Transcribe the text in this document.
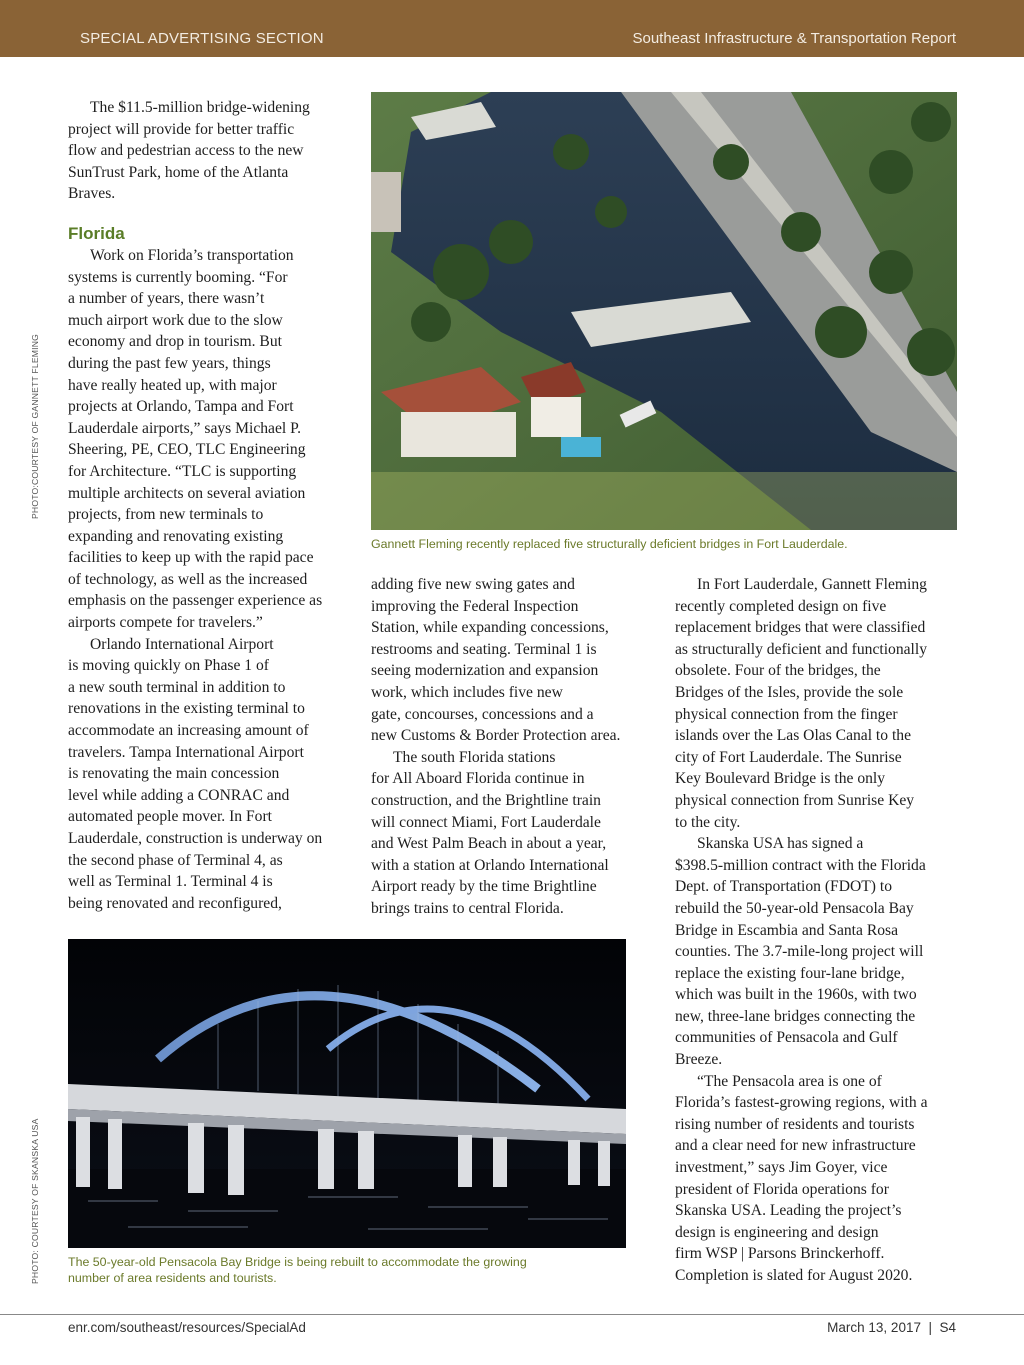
SPECIAL ADVERTISING SECTION	Southeast Infrastructure & Transportation Report

The $11.5-million bridge-widening
project will provide for better traffic
flow and pedestrian access to the new
SunTrust Park, home of the Atlanta
Braves.

Florida

Work on Florida’s transportation
systems is currently booming. “For
a number of years, there wasn’t
much airport work due to the slow
economy and drop in tourism. But
during the past few years, things
have really heated up, with major
projects at Orlando, Tampa and Fort
Lauderdale airports,” says Michael P.
Sheering, PE, CEO, TLC Engineering
for Architecture. “TLC is supporting
multiple architects on several aviation
projects, from new terminals to
expanding and renovating existing
facilities to keep up with the rapid pace
of technology, as well as the increased
emphasis on the passenger experience as
airports compete for travelers.”

Orlando International Airport
is moving quickly on Phase 1 of
a new south terminal in addition to
renovations in the existing terminal to
accommodate an increasing amount of
travelers. Tampa International Airport
is renovating the main concession
level while adding a CONRAC and
automated people mover. In Fort
Lauderdale, construction is underway on
the second phase of Terminal 4, as
well as Terminal 1. Terminal 4 is
being renovated and reconfigured,

Gannett Fleming recently replaced five structurally deficient bridges in Fort Lauderdale.
PHOTO:COURTESY OF GANNETT FLEMING

adding five new swing gates and
improving the Federal Inspection
Station, while expanding concessions,
restrooms and seating. Terminal 1 is
seeing modernization and expansion
work, which includes five new
gate, concourses, concessions and a
new Customs & Border Protection area.

The south Florida stations
for All Aboard Florida continue in
construction, and the Brightline train
will connect Miami, Fort Lauderdale
and West Palm Beach in about a year,
with a station at Orlando International
Airport ready by the time Brightline
brings trains to central Florida.

In Fort Lauderdale, Gannett Fleming
recently completed design on five
replacement bridges that were classified
as structurally deficient and functionally
obsolete. Four of the bridges, the
Bridges of the Isles, provide the sole
physical connection from the finger
islands over the Las Olas Canal to the
city of Fort Lauderdale. The Sunrise
Key Boulevard Bridge is the only
physical connection from Sunrise Key
to the city.

Skanska USA has signed a
$398.5-million contract with the Florida
Dept. of Transportation (FDOT) to
rebuild the 50-year-old Pensacola Bay
Bridge in Escambia and Santa Rosa
counties. The 3.7-mile-long project will
replace the existing four-lane bridge,
which was built in the 1960s, with two
new, three-lane bridges connecting the
communities of Pensacola and Gulf
Breeze.

“The Pensacola area is one of
Florida’s fastest-growing regions, with a
rising number of residents and tourists
and a clear need for new infrastructure
investment,” says Jim Goyer, vice
president of Florida operations for
Skanska USA. Leading the project’s
design is engineering and design
firm WSP | Parsons Brinckerhoff.
Completion is slated for August 2020.

The 50-year-old Pensacola Bay Bridge is being rebuilt to accommodate the growing
number of area residents and tourists.
PHOTO: COURTESY OF SKANSKA USA
enr.com/southeast/resources/SpecialAd	March 13, 2017  |  S4
